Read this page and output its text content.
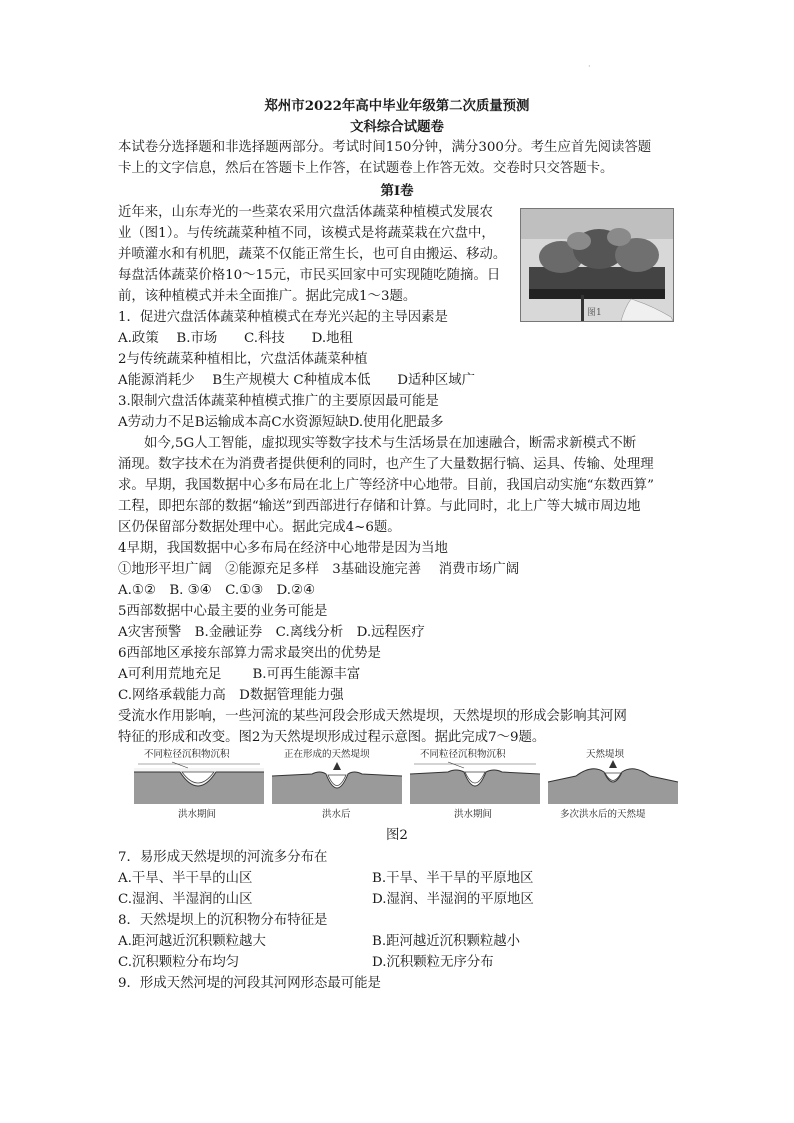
·
郑州市2022年高中毕业年级第二次质量预测
文科综合试题卷
本试卷分选择题和非选择题两部分。考试时间150分钟，满分300分。考生应首先阅读答题
卡上的文字信息，然后在答题卡上作答，在试题卷上作答无效。交卷时只交答题卡。
第Ⅰ卷
近年来，山东寿光的一些菜农采用穴盘活体蔬菜种植模式发展农
业（图1）。与传统蔬菜种植不同，该模式是将蔬菜栽在穴盘中，
并喷灌水和有机肥，蔬菜不仅能正常生长，也可自由搬运、移动。
每盘活体蔬菜价格10～15元，市民买回家中可实现随吃随摘。日
前，该种植模式并未全面推广。据此完成1～3题。
图1
1．促进穴盘活体蔬菜种植模式在寿光兴起的主导因素是
A.政策　 B.市场　　C.科技　　D.地租
2与传统蔬菜种植相比，穴盘活体蔬菜种植
A能源消耗少　 B生产规模大 C种植成本低　　D适种区域广
3.限制穴盘活体蔬菜种植模式推广的主要原因最可能是
A劳动力不足B运输成本高C水资源短缺D.使用化肥最多
如今,5G人工智能，虚拟现实等数字技术与生活场景在加速融合，断需求新模式不断
涌现。数字技术在为消费者提供便利的同时，也产生了大量数据行犒、运具、传输、处理理
求。早期，我国数据中心多布局在北上广等经济中心地带。目前，我国启动实施“东数西算”
工程，即把东部的数据“输送”到西部进行存储和计算。与此同时，北上广等大城市周边地
区仍保留部分数据处理中心。据此完成4~6题。
4早期，我国数据中心多布局在经济中心地带是因为当地
①地形平坦广阔　②能源充足多样　3基础设施完善　 消费市场广阔
A.①②　B. ③④　C.①③　D.②④
5西部数据中心最主要的业务可能是
A灾害预警　B.金融证券　C.离线分析　D.远程医疗
6西部地区承接东部算力需求最突出的优势是
A可利用荒地充足　　 B.可再生能源丰富
C.网络承载能力高　D数据管理能力强
受流水作用影响，一些河流的某些河段会形成天然堤坝，天然堤坝的形成会影响其河网
特征的形成和改变。图2为天然堤坝形成过程示意图。据此完成7～9题。
不同粒径沉积物沉积
洪水期间
正在形成的天然堤坝
洪水后
不同粒径沉积物沉积
洪水期间
天然堤坝
多次洪水后的天然堤
图2
7．易形成天然堤坝的河流多分布在
A.干旱、半干旱的山区	B.干旱、半干旱的平原地区
C.湿润、半湿润的山区	D.湿润、半湿润的平原地区
8．天然堤坝上的沉积物分布特征是
A.距河越近沉积颗粒越大	B.距河越近沉积颗粒越小
C.沉积颗粒分布均匀	D.沉积颗粒无序分布
9．形成天然河堤的河段其河网形态最可能是
